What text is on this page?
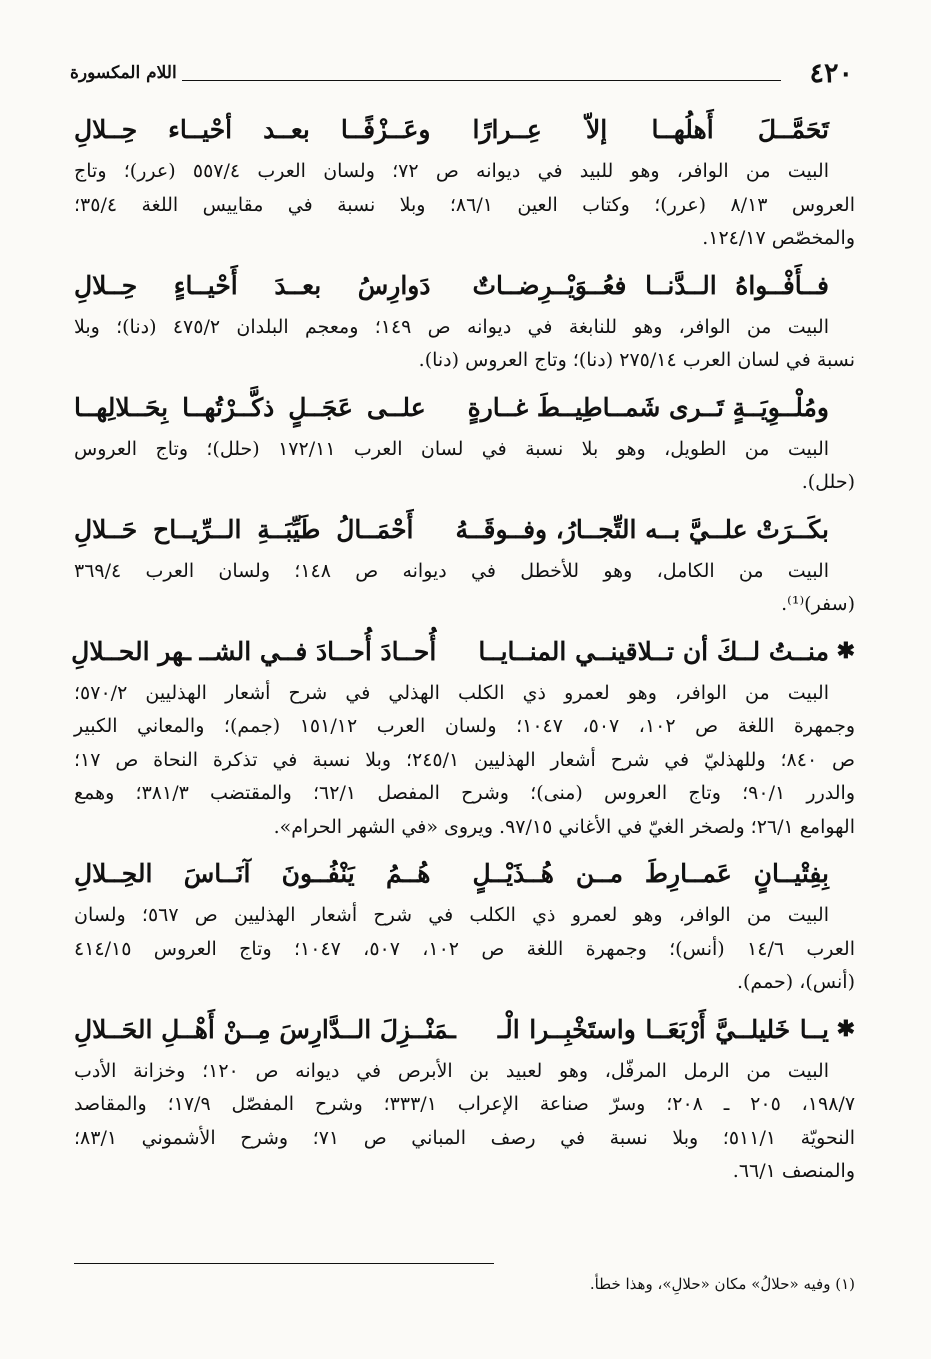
٤٢٠
اللام المكسورة
تَحَمَّــلَ أَهلُهــا إلاّ عِــرارًا
وعَــزْفًــا بعــد أحْيــاء حِــلالِ

البيت من الوافر، وهو للبيد في ديوانه ص ٧٢؛ ولسان العرب ٥٥٧/٤ (عرر)؛ وتاج

العروس ٨/١٣ (عرر)؛ وكتاب العين ٨٦/١؛ وبلا نسبة في مقاييس اللغة ٣٥/٤؛

والمخصّص ١٢٤/١٧.

فــأَفْــواهُ الــدَّنــا فعُــوَيْــرِضــاتٌ
دَوارِسُ بعــدَ أَحْيــاءٍ حِــلالِ

البيت من الوافر، وهو للنابغة في ديوانه ص ١٤٩؛ ومعجم البلدان ٤٧٥/٢ (دنا)؛ وبلا

نسبة في لسان العرب ٢٧٥/١٤ (دنا)؛ وتاج العروس (دنا).

ومُلْــوِيَــةٍ تَــرى شَمــاطِيــطَ غــارةٍ
علــى عَجَــلٍ ذكَّــرْتُهــا بِحَــلالِهــا

البيت من الطويل، وهو بلا نسبة في لسان العرب ١٧٢/١١ (حلل)؛ وتاج العروس

(حلل).

بكَــرَتْ علــيَّ بــه التِّجــارُ، وفــوقَــهُ
أَحْمَــالُ طَيِّبَــةِ الــرِّيــاح حَــلالِ

البيت من الكامل، وهو للأخطل في ديوانه ص ١٤٨؛ ولسان العرب ٣٦٩/٤

(سفر)⁽¹⁾.

✱
منــتُ لــكَ أن تــلاقينــي المنــايــا
أُحــادَ أُحــادَ فــي الشــ ـهر الحــلالِ

البيت من الوافر، وهو لعمرو ذي الكلب الهذلي في شرح أشعار الهذليين ٥٧٠/٢؛

وجمهرة اللغة ص ١٠٢، ٥٠٧، ١٠٤٧؛ ولسان العرب ١٥١/١٢ (جمم)؛ والمعاني الكبير

ص ٨٤٠؛ وللهذليّ في شرح أشعار الهذليين ٢٤٥/١؛ وبلا نسبة في تذكرة النحاة ص ١٧؛

والدرر ٩٠/١؛ وتاج العروس (منى)؛ وشرح المفصل ٦٢/١؛ والمقتضب ٣٨١/٣؛ وهمع

الهوامع ٢٦/١؛ ولصخر الغيّ في الأغاني ٩٧/١٥. ويروى «في الشهر الحرام».

بِفِتْيــانٍ عَمــارِطَ مــن هُــذَيْــلٍ
هُــمُ يَنْفُــونَ آنَــاسَ الحِــلالِ

البيت من الوافر، وهو لعمرو ذي الكلب في شرح أشعار الهذليين ص ٥٦٧؛ ولسان

العرب ١٤/٦ (أنس)؛ وجمهرة اللغة ص ١٠٢، ٥٠٧، ١٠٤٧؛ وتاج العروس ٤١٤/١٥

(أنس)، (حمم).

✱
يــا خَليلــيَّ أَرْبَعَــا واستَخْبِــرا الْـ
ـمَنْــزِلَ الــدَّارِسَ مِــنْ أَهْــلِ الحَــلالِ

البيت من الرمل المرفّل، وهو لعبيد بن الأبرص في ديوانه ص ١٢٠؛ وخزانة الأدب

١٩٨/٧، ٢٠٥ ـ ٢٠٨؛ وسرّ صناعة الإعراب ٣٣٣/١؛ وشرح المفصّل ١٧/٩؛ والمقاصد

النحويّة ٥١١/١؛ وبلا نسبة في رصف المباني ص ٧١؛ وشرح الأشموني ٨٣/١؛

والمنصف ٦٦/١.

(١) وفيه «حلالُ» مكان «حلالِ»، وهذا خطأ.
